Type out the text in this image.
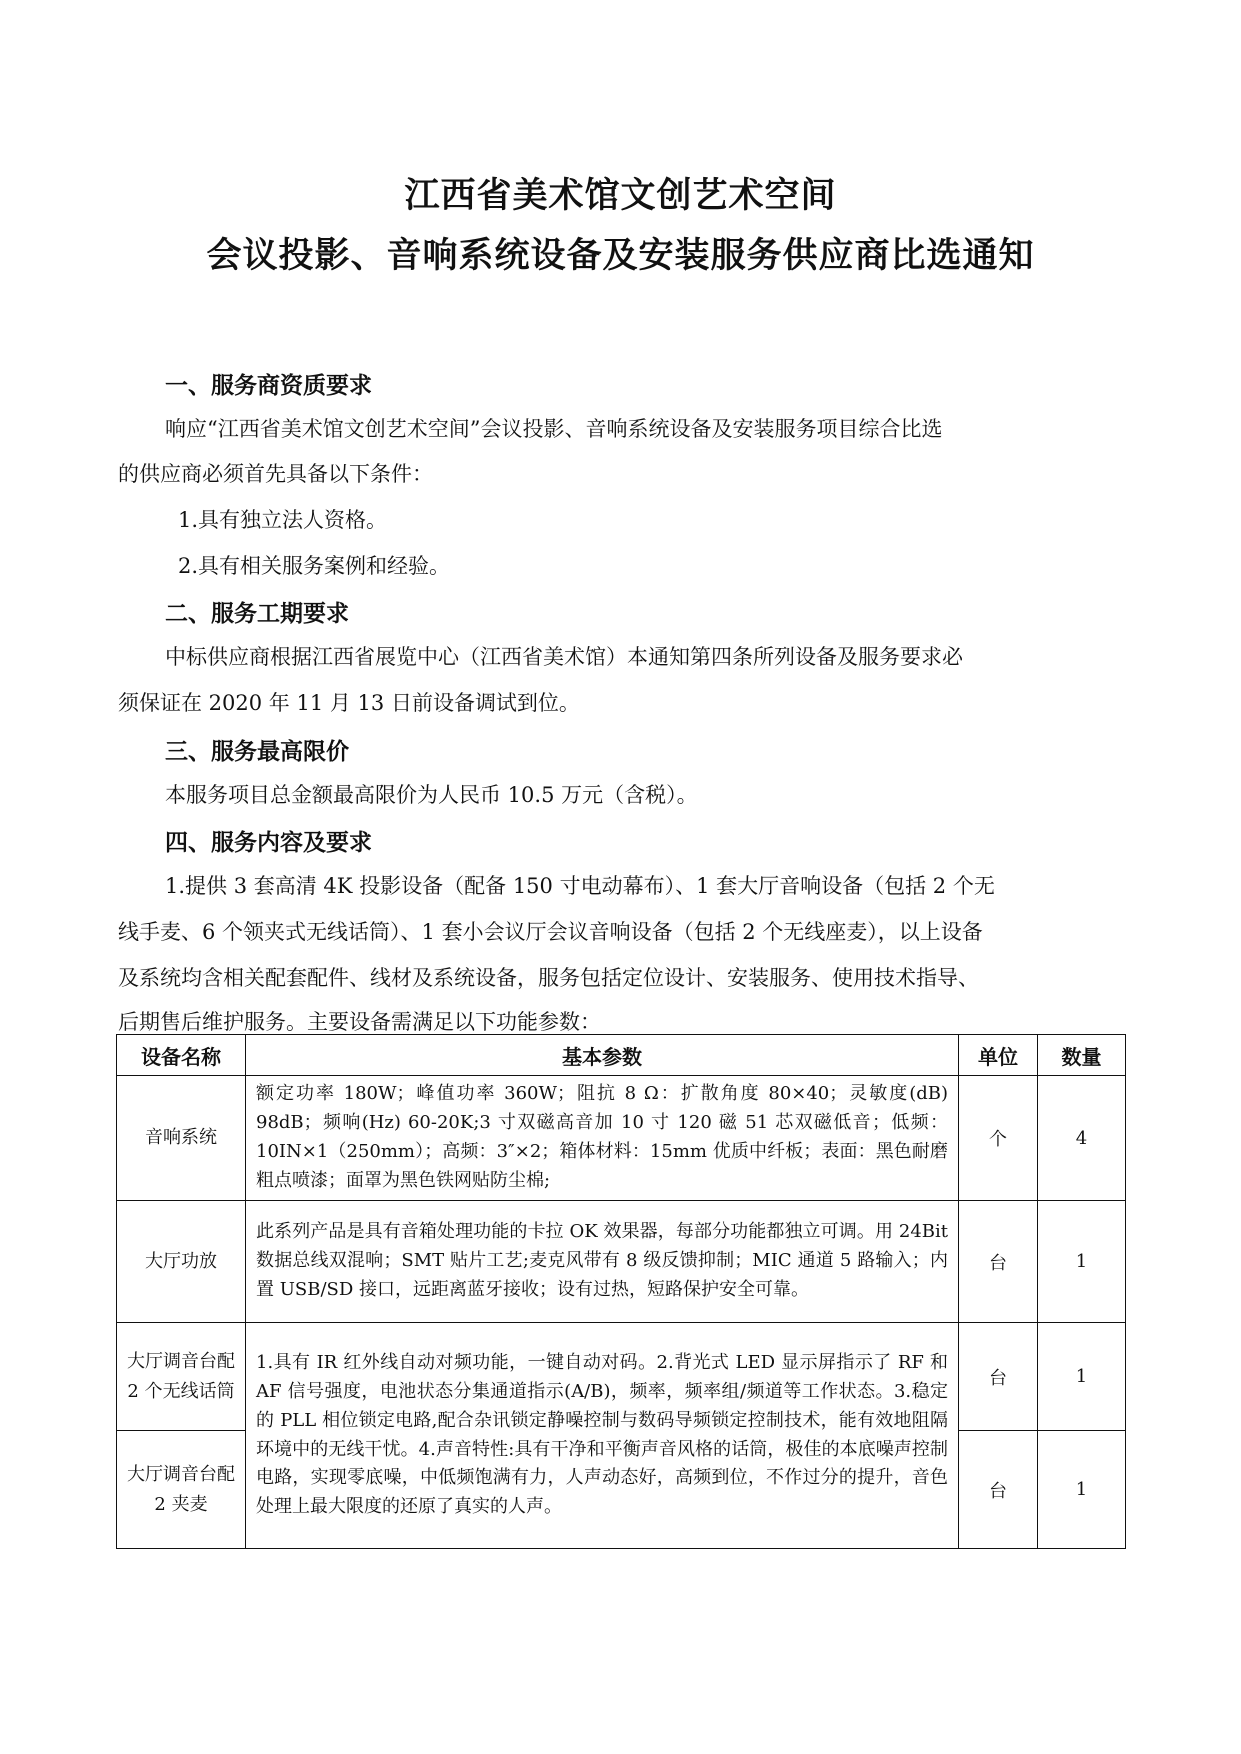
江西省美术馆文创艺术空间
会议投影、音响系统设备及安装服务供应商比选通知
一、服务商资质要求
响应“江西省美术馆文创艺术空间”会议投影、音响系统设备及安装服务项目综合比选
的供应商必须首先具备以下条件：
1.具有独立法人资格。
2.具有相关服务案例和经验。
二、服务工期要求
中标供应商根据江西省展览中心（江西省美术馆）本通知第四条所列设备及服务要求必
须保证在 2020 年 11 月 13 日前设备调试到位。
三、服务最高限价
本服务项目总金额最高限价为人民币 10.5 万元（含税）。
四、服务内容及要求
1.提供 3 套高清 4K 投影设备（配备 150 寸电动幕布）、1 套大厅音响设备（包括 2 个无
线手麦、6 个领夹式无线话筒）、1 套小会议厅会议音响设备（包括 2 个无线座麦），以上设备
及系统均含相关配套配件、线材及系统设备，服务包括定位设计、安装服务、使用技术指导、
后期售后维护服务。主要设备需满足以下功能参数：
设备名称	基本参数	单位	数量
音响系统	额定功率 180W；峰值功率 360W；阻抗 8 Ω：扩散角度 80×40；灵敏度(dB) 98dB；频响(Hz) 60-20K;3 寸双磁高音加 10 寸 120 磁 51 芯双磁低音；低频：10IN×1（250mm）；高频：3″×2；箱体材料：15mm 优质中纤板；表面：黑色耐磨粗点喷漆；面罩为黑色铁网贴防尘棉;	个	4
大厅功放	此系列产品是具有音箱处理功能的卡拉 OK 效果器，每部分功能都独立可调。用 24Bit 数据总线双混响；SMT 贴片工艺;麦克风带有 8 级反馈抑制；MIC 通道 5 路输入；内置 USB/SD 接口，远距离蓝牙接收；设有过热，短路保护安全可靠。	台	1
大厅调音台配 2 个无线话筒	1.具有 IR 红外线自动对频功能，一键自动对码。2.背光式 LED 显示屏指示了 RF 和 AF 信号强度，电池状态分集通道指示(A/B)，频率，频率组/频道等工作状态。3.稳定的 PLL 相位锁定电路,配合杂讯锁定静噪控制与数码导频锁定控制技术，能有效地阻隔环境中的无线干忧。4.声音特性:具有干净和平衡声音风格的话筒，极佳的本底噪声控制电路，实现零底噪，中低频饱满有力，人声动态好，高频到位，不作过分的提升，音色处理上最大限度的还原了真实的人声。	台	1
大厅调音台配 2 夹麦		台	1
